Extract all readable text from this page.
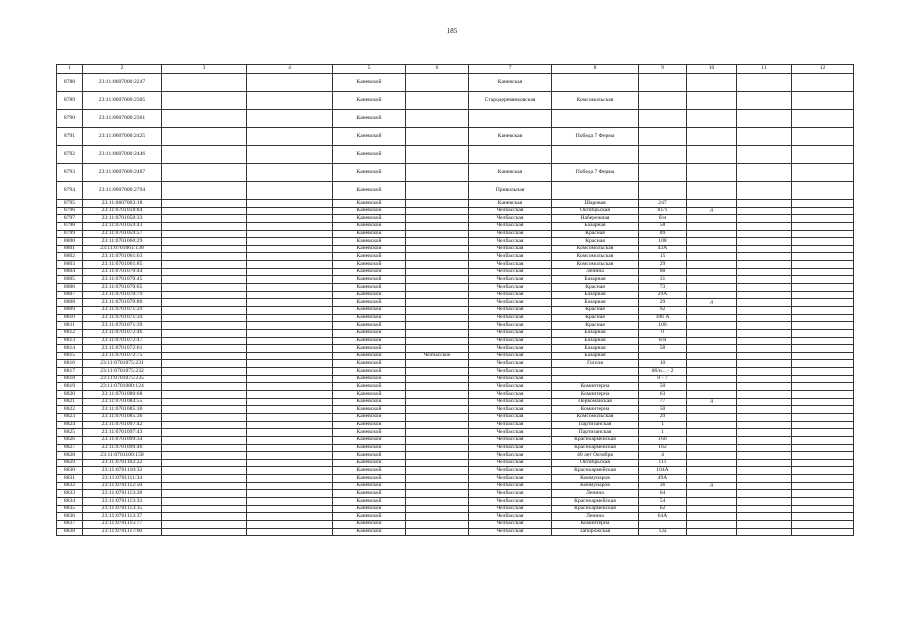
185
1	2	3	4	5	6	7	8	9	10	11	12
8788	23:11:0607000:2247			Каневской		Каневская					
8789	23:11:0607000:2305			Каневской		Стародеревянковская	Комсомольская				
8790	23:11:0607000:2361			Каневской							
8791	23:11:0607000:2425			Каневской		Каневская	Победа 7 Ферма				
8792	23:11:0607000:2446			Каневской							
8793	23:11:0607000:2487			Каневской		Каневская	Победа 7 Ферма				
8794	23:11:0607000:2794			Каневской		Привольная					
8795	23:11:0607003:18			Каневской		Каневская	Шаровая	247			
8796	23:11:0701018:84			Каневской		Челбасская	Октябрьская	81/1	д		
8797	23:11:0701050:33			Каневской		Челбасская	Набережная	б/н			
8798	23:11:0701059:43			Каневской		Челбасская	Базарная	58			
8799	23:11:0701059:57			Каневской		Челбасская	Красная	89			
8800	23:11:0701060:29			Каневской		Челбасская	Красная	108			
8801	23:11:0701061:138			Каневской		Челбасская	Комсомольская	43А			
8802	23:11:0701061:63			Каневской		Челбасская	Комсомольская	15			
8803	23:11:0701061:85			Каневской		Челбасская	Комсомольская	29			
8804	23:11:0701070:44			Каневской		Челбасская	Ленина	88			
8805	23:11:0701070:45			Каневской		Челбасская	Базарная	31			
8806	23:11:0701070:65			Каневской		Челбасская	Красная	73			
8807	23:11:0701070:79			Каневской		Челбасская	Базарная	29А			
8808	23:11:0701070:80			Каневской		Челбасская	Базарная	29	д		
8809	23:11:0701071:29			Каневской		Челбасская	Красная	92			
8810	23:11:0701071:34			Каневской		Челбасская	Красная	106 А			
8811	23:11:0701071:39			Каневской		Челбасская	Красная	106			
8812	23:11:0701072:46			Каневской		Челбасская	Базарная	0			
8813	23:11:0701072:47			Каневской		Челбасская	Базарная	б/н			
8814	23:11:0701072:61			Каневской		Челбасская	Базарная	58			
8815	23:11:0701072:75			Каневской	Челбасское	Челбасская	Базарная				
8816	23:11:0701075:231			Каневской		Челбасская	Гоголя	10			
8817	23:11:0701075:232			Каневской		Челбасская		0б/н... - 2			
8818	23:11:0701075:235			Каневской		Челбасская		0 - 7			
8819	23:11:0701080:124			Каневской		Челбасская	Коминтерна	50			
8820	23:11:0701080:68			Каневской		Челбасская	Коминтерна	63			
8821	23:11:0701084:55			Каневской		Челбасская	Первомайская	77	д		
8822	23:11:0701085:30			Каневской		Челбасская	Коминтерна	50			
8823	23:11:0701085:36			Каневской		Челбасская	Комсомольская	29			
8824	23:11:0701097:42			Каневской		Челбасская	Партизанская	1			
8825	23:11:0701097:43			Каневской		Челбасская	Партизанская	1			
8826	23:11:0701099:34			Каневской		Челбасская	Красноармейская	160			
8827	23:11:0701099:40			Каневской		Челбасская	Красноармейская	162			
8828	23:11:0701100:158			Каневской		Челбасская	40 лет Октября	4			
8829	23:11:0701102:22			Каневской		Челбасская	Октябрьская	111			
8830	23:11:0701110:32			Каневской		Челбасская	Красноармейская	104А			
8831	23:11:0701111:34			Каневской		Челбасская	Коммунаров	49А			
8832	23:11:0701112:50			Каневской		Челбасская	Коммунаров	36	д		
8833	23:11:0701113:28			Каневской		Челбасская	Ленина	64			
8834	23:11:0701113:33			Каневской		Челбасская	Красноармейская	54			
8835	23:11:0701113:35			Каневской		Челбасская	Красноармейская	62			
8836	23:11:0701113:37			Каневской		Челбасская	Ленина	64А			
8837	23:11:0701115:77			Каневской		Челбасская	Коминтерна				
8838	23:11:0701117:60			Каневской		Челбасская	Запорожская	12а			
